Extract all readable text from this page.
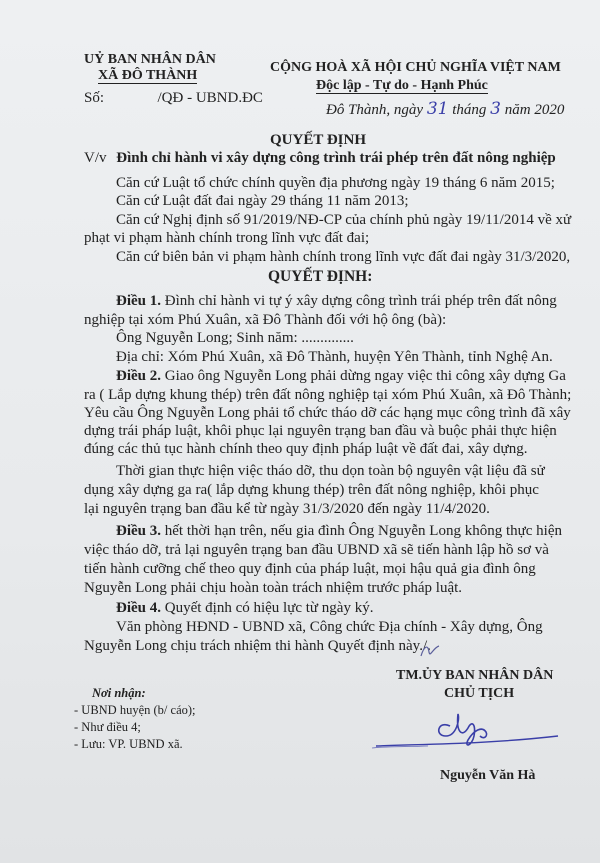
UỶ BAN NHÂN DÂN
XÃ ĐÔ THÀNH
Số:	/QĐ - UBND.ĐC
CỘNG HOÀ XÃ HỘI CHỦ NGHĨA VIỆT NAM
Độc lập - Tự do - Hạnh Phúc
Đô Thành, ngày 31 tháng 3 năm 2020
QUYẾT ĐỊNH
V/v Đình chỉ hành vi xây dựng công trình trái phép trên đất nông nghiệp
Căn cứ Luật tổ chức chính quyền địa phương ngày 19 tháng 6 năm 2015;
Căn cứ Luật đất đai ngày 29 tháng 11 năm 2013;
Căn cứ Nghị định số 91/2019/NĐ-CP của chính phủ ngày 19/11/2014 về xử
phạt vi phạm hành chính trong lĩnh vực đất đai;
Căn cứ biên bản vi phạm hành chính trong lĩnh vực đất đai ngày 31/3/2020,
QUYẾT ĐỊNH:
Điều 1. Đình chỉ hành vi tự ý xây dựng công trình trái phép trên đất nông
nghiệp tại xóm Phú Xuân, xã Đô Thành đối với hộ ông (bà):
Ông Nguyễn Long; Sinh năm: ..............
Địa chỉ: Xóm Phú Xuân, xã Đô Thành, huyện Yên Thành, tỉnh Nghệ An.
Điều 2. Giao ông Nguyễn Long phải dừng ngay việc thi công xây dựng Ga
ra ( Lắp dựng khung thép) trên đất nông nghiệp tại xóm Phú Xuân, xã Đô Thành;
Yêu cầu Ông Nguyễn Long phải tổ chức tháo dỡ các hạng mục công trình đã xây
dựng trái pháp luật, khôi phục lại nguyên trạng ban đầu và buộc phải thực hiện
đúng các thủ tục hành chính theo quy định pháp luật về đất đai, xây dựng.
Thời gian thực hiện việc tháo dỡ, thu dọn toàn bộ nguyên vật liệu đã sử
dụng xây dựng ga ra( lắp dựng khung thép) trên đất nông nghiệp, khôi phục
lại nguyên trạng ban đầu kể từ ngày 31/3/2020 đến ngày 11/4/2020.
Điều 3. hết thời hạn trên, nếu gia đình Ông Nguyễn Long không thực hiện
việc tháo dỡ, trả lại nguyên trạng ban đầu UBND xã sẽ tiến hành lập hồ sơ và
tiến hành cưỡng chế theo quy định của pháp luật, mọi hậu quả gia đình ông
Nguyễn Long phải chịu hoàn toàn trách nhiệm trước pháp luật.
Điều 4. Quyết định có hiệu lực từ ngày ký.
Văn phòng HĐND - UBND xã, Công chức Địa chính - Xây dựng, Ông
Nguyễn Long chịu trách nhiệm thi hành Quyết định này./.
Nơi nhận:
- UBND huyện (b/ cáo);
- Như điều 4;
- Lưu: VP. UBND xã.
TM.ỦY BAN NHÂN DÂN
CHỦ TỊCH
Nguyễn Văn Hà
